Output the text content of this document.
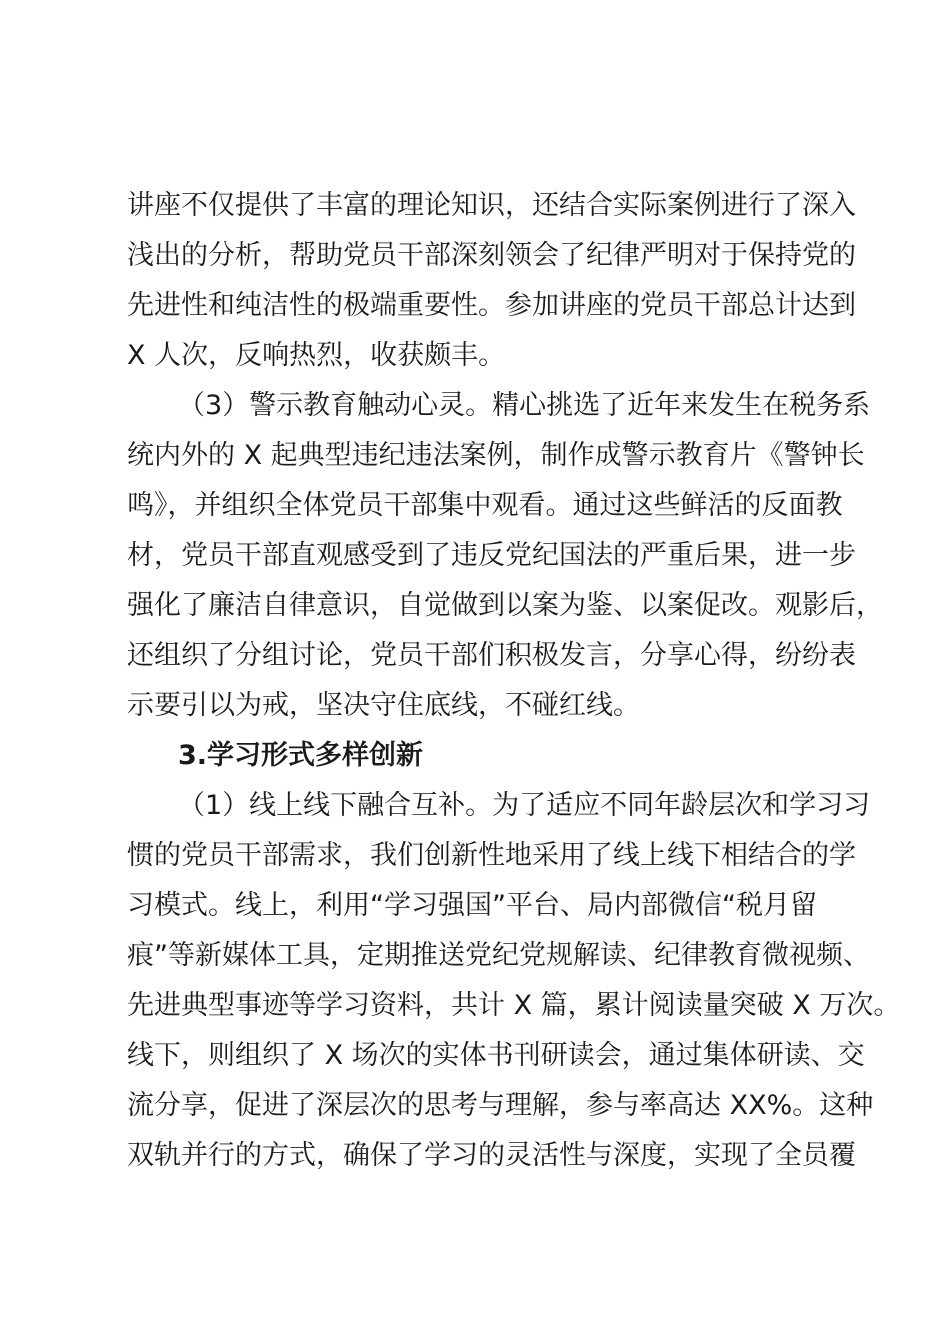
讲座不仅提供了丰富的理论知识，还结合实际案例进行了深入
浅出的分析，帮助党员干部深刻领会了纪律严明对于保持党的
先进性和纯洁性的极端重要性。参加讲座的党员干部总计达到
X 人次，反响热烈，收获颇丰。
（3）警示教育触动心灵。精心挑选了近年来发生在税务系
统内外的 X 起典型违纪违法案例，制作成警示教育片《警钟长
鸣》，并组织全体党员干部集中观看。通过这些鲜活的反面教
材，党员干部直观感受到了违反党纪国法的严重后果，进一步
强化了廉洁自律意识，自觉做到以案为鉴、以案促改。观影后，
还组织了分组讨论，党员干部们积极发言，分享心得，纷纷表
示要引以为戒，坚决守住底线，不碰红线。
3.学习形式多样创新
（1）线上线下融合互补。为了适应不同年龄层次和学习习
惯的党员干部需求，我们创新性地采用了线上线下相结合的学
习模式。线上，利用“学习强国”平台、局内部微信“税月留
痕”等新媒体工具，定期推送党纪党规解读、纪律教育微视频、
先进典型事迹等学习资料，共计 X 篇，累计阅读量突破 X 万次。
线下，则组织了 X 场次的实体书刊研读会，通过集体研读、交
流分享，促进了深层次的思考与理解，参与率高达 XX%。这种
双轨并行的方式，确保了学习的灵活性与深度，实现了全员覆
